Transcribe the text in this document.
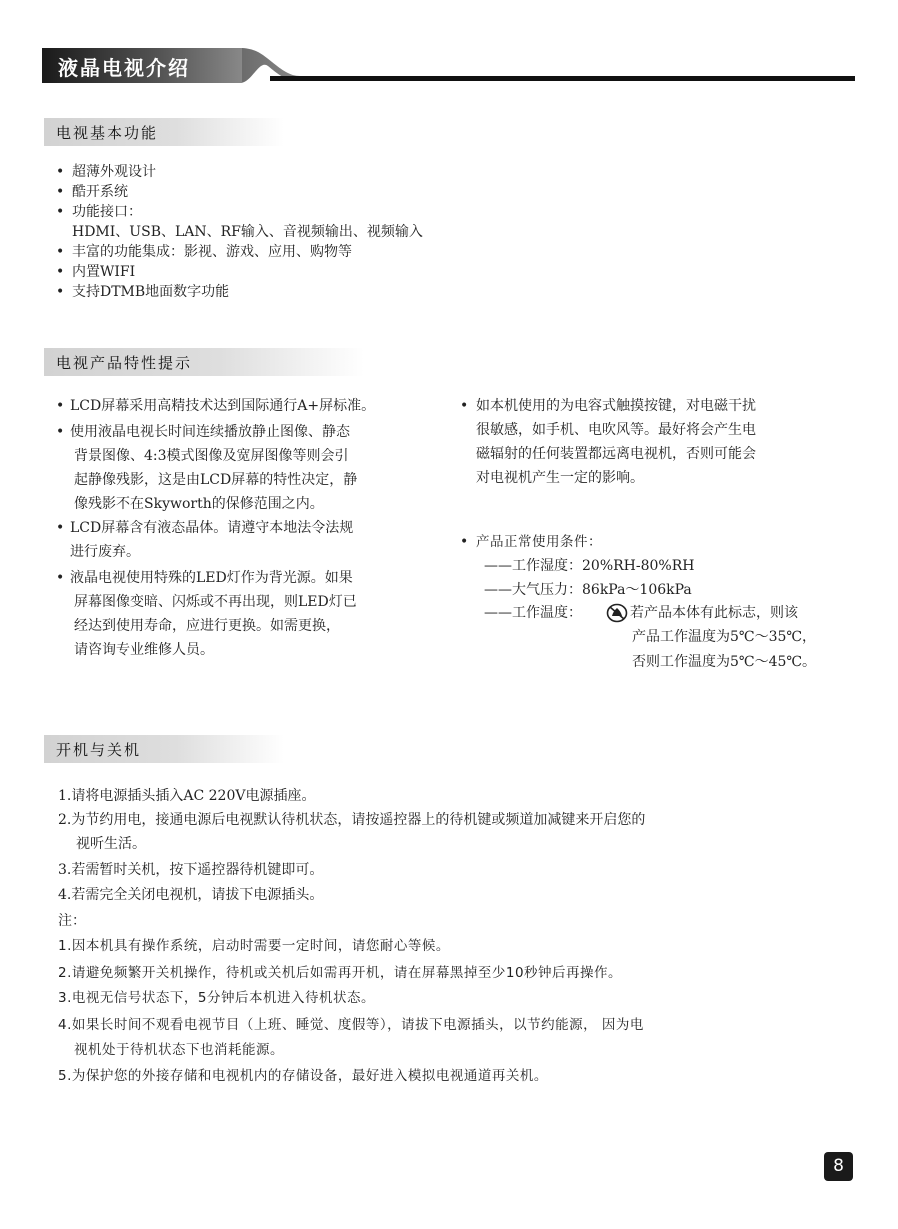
液晶电视介绍
电视基本功能
• 超薄外观设计
• 酷开系统
• 功能接口：
HDMI、USB、LAN、RF输入、音视频输出、视频输入
• 丰富的功能集成：影视、游戏、应用、购物等
• 内置WIFI
• 支持DTMB地面数字功能
电视产品特性提示
• LCD屏幕采用高精技术达到国际通行A+屏标准。
• 使用液晶电视长时间连续播放静止图像、静态
背景图像、4:3模式图像及宽屏图像等则会引
起静像残影，这是由LCD屏幕的特性决定，静
像残影不在Skyworth的保修范围之内。
• LCD屏幕含有液态晶体。请遵守本地法令法规
进行废弃。
• 液晶电视使用特殊的LED灯作为背光源。如果
屏幕图像变暗、闪烁或不再出现，则LED灯已
经达到使用寿命，应进行更换。如需更换，
请咨询专业维修人员。
• 如本机使用的为电容式触摸按键，对电磁干扰
很敏感，如手机、电吹风等。最好将会产生电
磁辐射的任何装置都远离电视机，否则可能会
对电视机产生一定的影响。
• 产品正常使用条件：
——工作湿度：20%RH-80%RH
——大气压力：86kPa～106kPa
——工作温度：	若产品本体有此标志，则该
产品工作温度为5℃～35℃，
否则工作温度为5℃～45℃。
开机与关机
1.请将电源插头插入AC 220V电源插座。
2.为节约用电，接通电源后电视默认待机状态，请按遥控器上的待机键或频道加减键来开启您的
视听生活。
3.若需暂时关机，按下遥控器待机键即可。
4.若需完全关闭电视机，请拔下电源插头。
注：
1.因本机具有操作系统，启动时需要一定时间，请您耐心等候。
2.请避免频繁开关机操作，待机或关机后如需再开机，请在屏幕黑掉至少10秒钟后再操作。
3.电视无信号状态下，5分钟后本机进入待机状态。
4.如果长时间不观看电视节目（上班、睡觉、度假等），请拔下电源插头，以节约能源， 因为电
视机处于待机状态下也消耗能源。
5.为保护您的外接存储和电视机内的存储设备，最好进入模拟电视通道再关机。
8
